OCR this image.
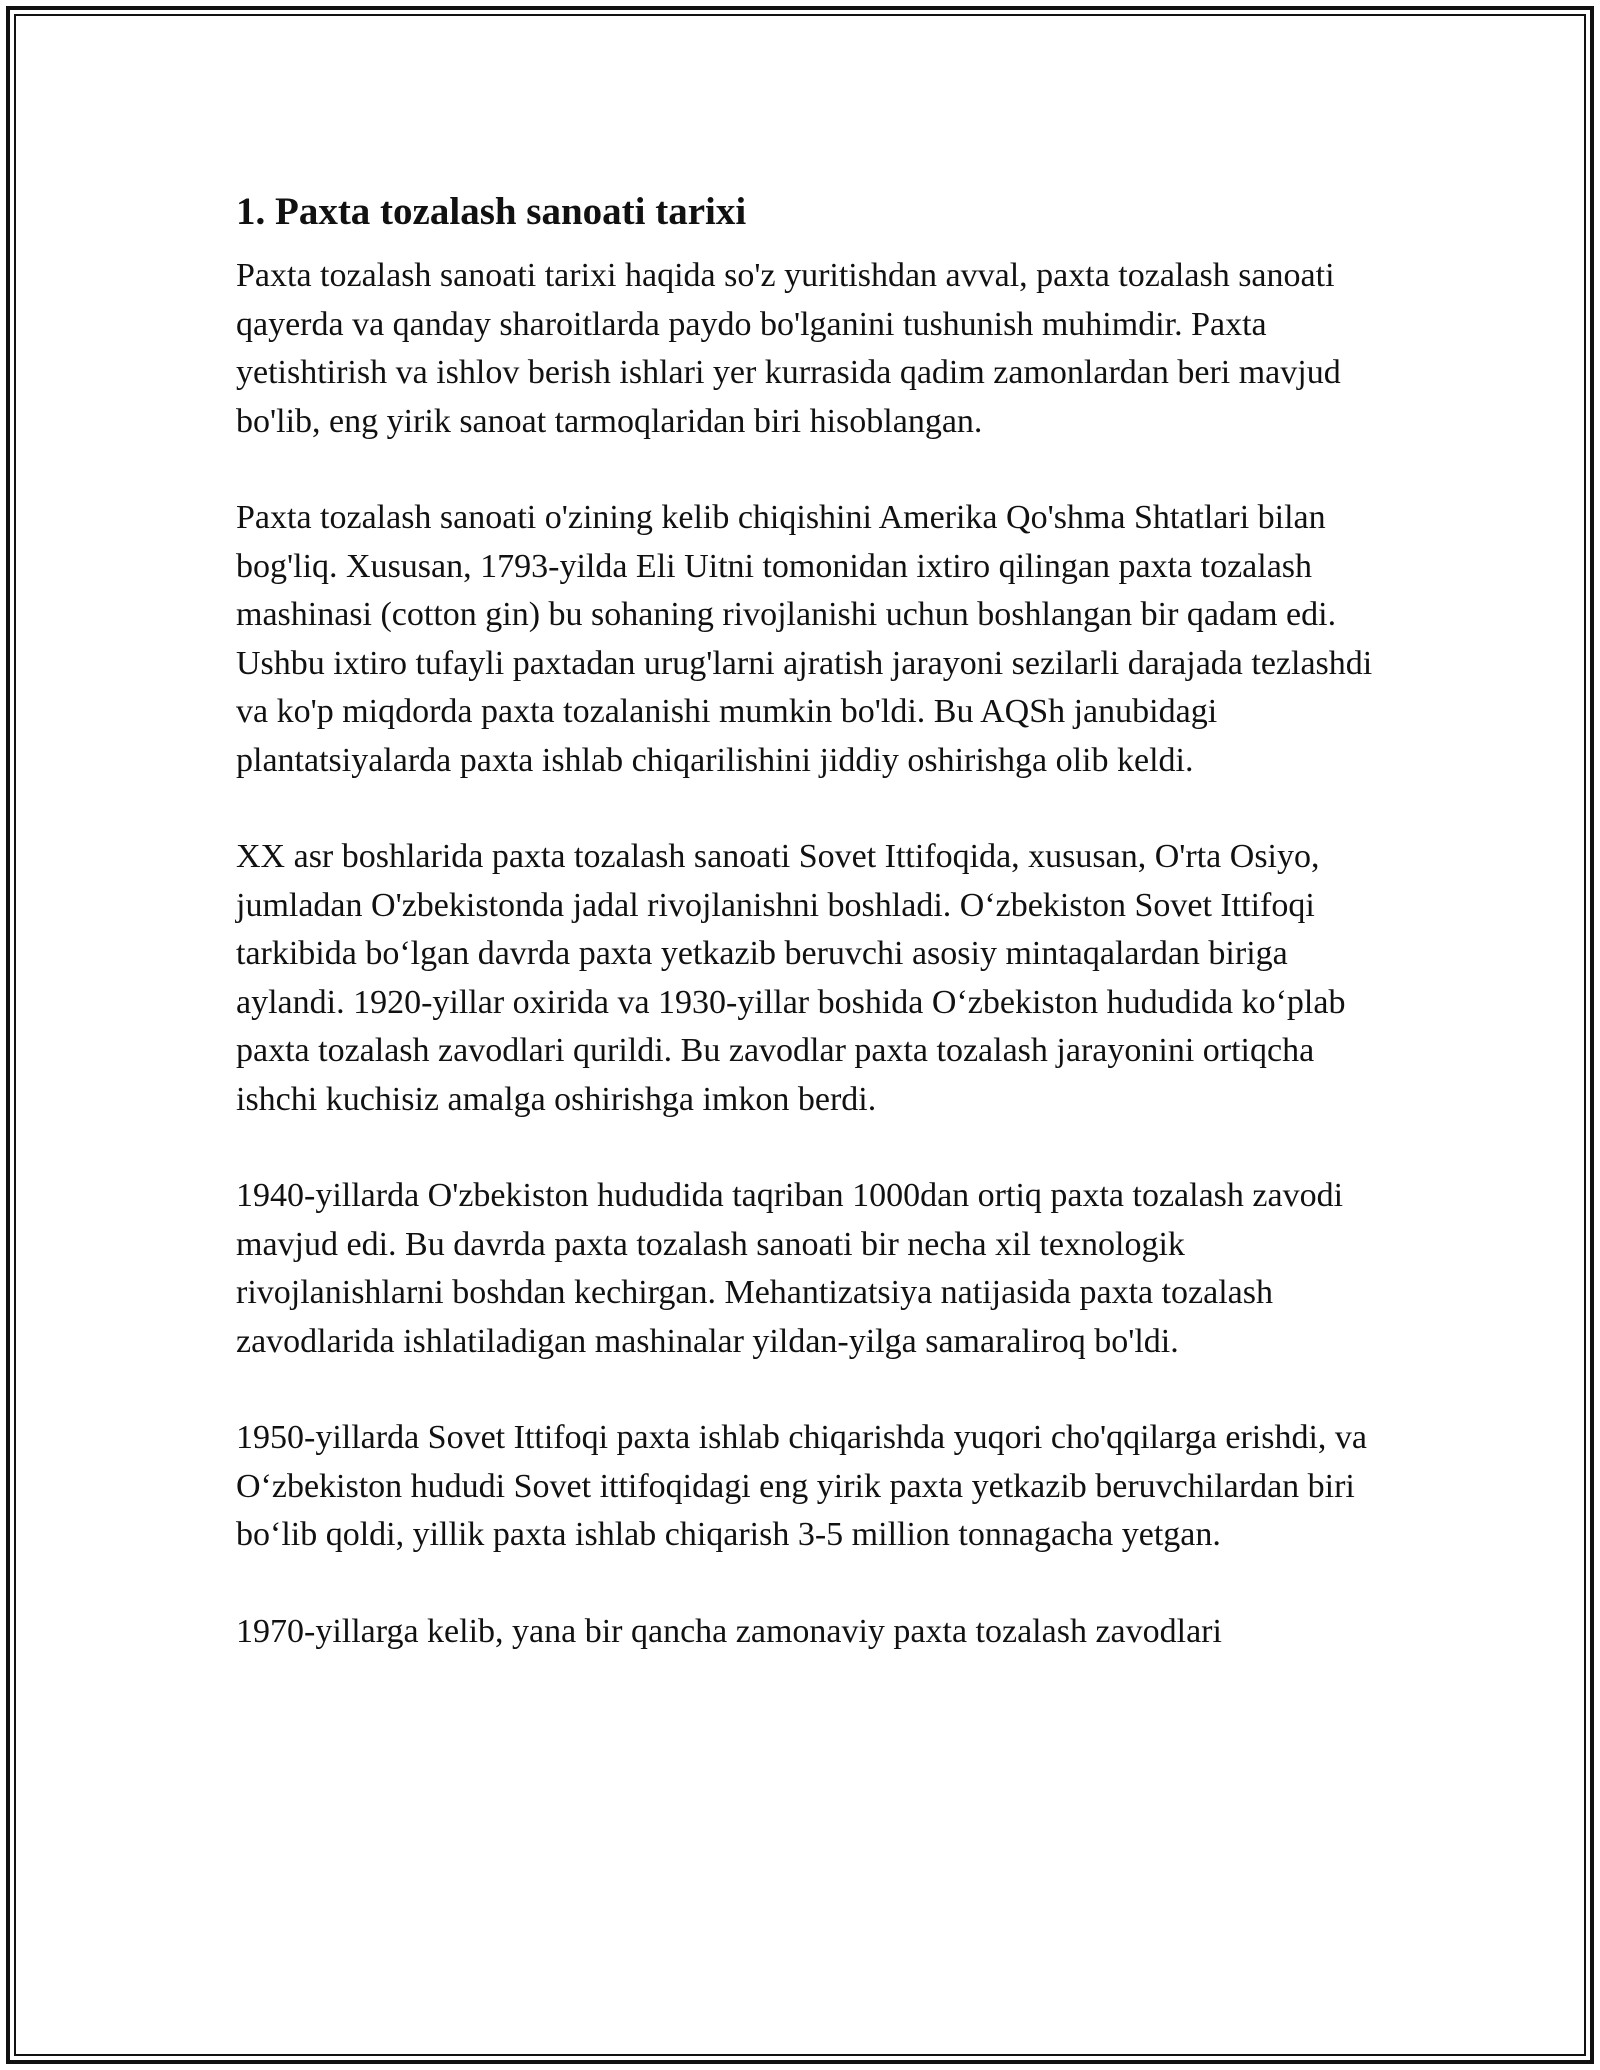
1. Paxta tozalash sanoati tarixi

Paxta tozalash sanoati tarixi haqida so'z yuritishdan avval, paxta tozalash sanoati qayerda va qanday sharoitlarda paydo bo'lganini tushunish muhimdir. Paxta yetishtirish va ishlov berish ishlari yer kurrasida qadim zamonlardan beri mavjud bo'lib, eng yirik sanoat tarmoqlaridan biri hisoblangan.

Paxta tozalash sanoati o'zining kelib chiqishini Amerika Qo'shma Shtatlari bilan bog'liq. Xususan, 1793-yilda Eli Uitni tomonidan ixtiro qilingan paxta tozalash mashinasi (cotton gin) bu sohaning rivojlanishi uchun boshlangan bir qadam edi. Ushbu ixtiro tufayli paxtadan urug'larni ajratish jarayoni sezilarli darajada tezlashdi va ko'p miqdorda paxta tozalanishi mumkin bo'ldi. Bu AQSh janubidagi plantatsiyalarda paxta ishlab chiqarilishini jiddiy oshirishga olib keldi.

XX asr boshlarida paxta tozalash sanoati Sovet Ittifoqida, xususan, O'rta Osiyo, jumladan O'zbekistonda jadal rivojlanishni boshladi. O‘zbekiston Sovet Ittifoqi tarkibida bo‘lgan davrda paxta yetkazib beruvchi asosiy mintaqalardan biriga aylandi. 1920-yillar oxirida va 1930-yillar boshida O‘zbekiston hududida ko‘plab paxta tozalash zavodlari qurildi. Bu zavodlar paxta tozalash jarayonini ortiqcha ishchi kuchisiz amalga oshirishga imkon berdi.

1940-yillarda O'zbekiston hududida taqriban 1000dan ortiq paxta tozalash zavodi mavjud edi. Bu davrda paxta tozalash sanoati bir necha xil texnologik rivojlanishlarni boshdan kechirgan. Mehantizatsiya natijasida paxta tozalash zavodlarida ishlatiladigan mashinalar yildan-yilga samaraliroq bo'ldi.

1950-yillarda Sovet Ittifoqi paxta ishlab chiqarishda yuqori cho'qqilarga erishdi, va O‘zbekiston hududi Sovet ittifoqidagi eng yirik paxta yetkazib beruvchilardan biri bo‘lib qoldi, yillik paxta ishlab chiqarish 3-5 million tonnagacha yetgan.

1970-yillarga kelib, yana bir qancha zamonaviy paxta tozalash zavodlari
